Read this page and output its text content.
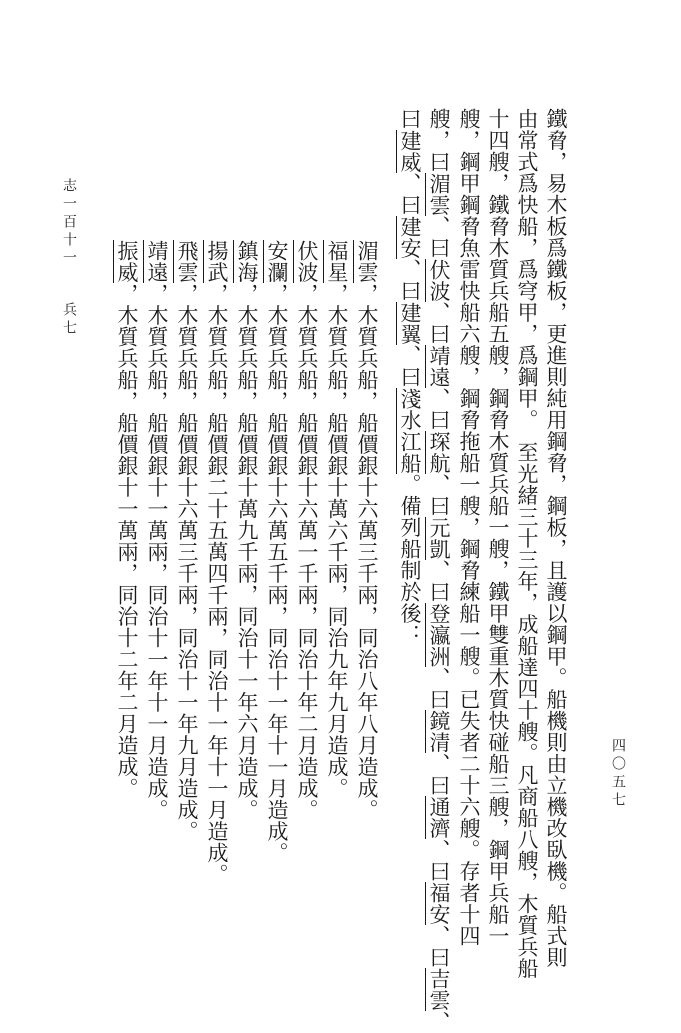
四〇五七
鐵脅，易木板爲鐵板，更進則純用鋼脅，鋼板，且護以鋼甲。船機則由立機改臥機。船式則
由常式爲快船，爲穹甲，爲鋼甲。　至光緒三十三年，成船達四十艘。凡商船八艘，木質兵船
十四艘，鐵脅木質兵船五艘，鋼脅木質兵船一艘，鐵甲雙重木質快碰船三艘，鋼甲兵船一
艘，鋼甲鋼脅魚雷快船六艘，鋼脅拖船一艘，鋼脅練船一艘。已失者二十六艘。存者十四
艘，曰湄雲、曰伏波、曰靖遠、曰琛航、曰元凱、曰登瀛洲、曰鏡清、曰通濟、曰福安、曰吉雲、
曰建威、曰建安、曰建翼、曰淺水江船。備列船制於後：
湄雲，木質兵船，船價銀十六萬三千兩，同治八年八月造成。
福星，木質兵船，船價銀十萬六千兩，同治九年九月造成。
伏波，木質兵船，船價銀十六萬一千兩，同治十年二月造成。
安瀾，木質兵船，船價銀十六萬五千兩，同治十一年十一月造成。
鎮海，木質兵船，船價銀十萬九千兩，同治十一年六月造成。
揚武，木質兵船，船價銀二十五萬四千兩，同治十一年十一月造成。
飛雲，木質兵船，船價銀十六萬三千兩，同治十一年九月造成。
靖遠，木質兵船，船價銀十一萬兩，同治十一年十一月造成。
振威，木質兵船，船價銀十一萬兩，同治十二年二月造成。
志一百十一兵七
